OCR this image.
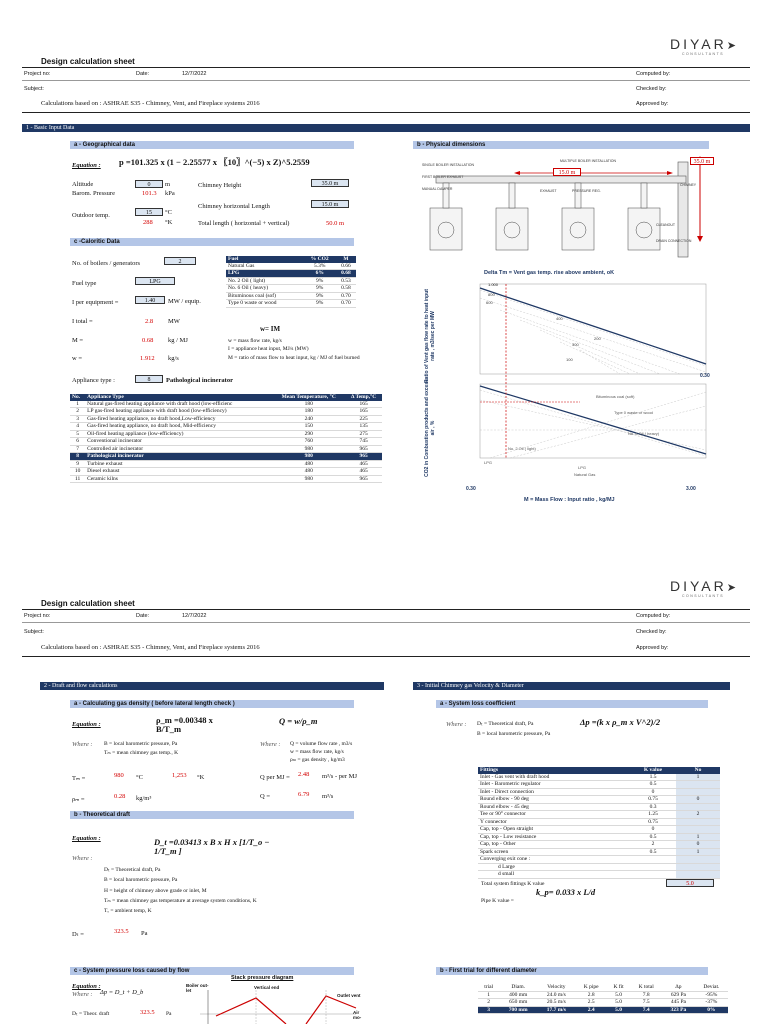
DIYAR➤
CONSULTANTS
Design calculation sheet
Project no:	Date:	12/7/2022	Computed by:
Subject:	Checked by:
Calculations based on : ASHRAE S35 - Chimney, Vent, and Fireplace systems 2016	Approved by:
1 - Basic Input Data
a - Geographical data
Equation : p =101.325 x (1 − 2.25577 x 〖10〗^(−5) x Z)^5.2559
Altitude	0	m
Barom. Pressure	101.3 kPa
Outdoor temp.	15	°C
288 °K
Chimney Height	35.0 m
Chimney horizontal Length	15.0 m
Total length ( horizontal + vertical)	50.0 m
c -Caloritic Data
No. of boilers / generators	2
Fuel type	LPG
I per equipment =	1.40	MW / equip.
I total =	2.8 MW
M =	0.68 kg / MJ
w =	1.912 kg/s
Fuel	% CO2	M
Natural Gas	5.3%	0.66
LPG	6%	0.68
No. 2 Oil ( light)	9%	0.53
No. 6 Oil ( heavy)	9%	0.58
Bituminous coal (sof)	9%	0.70
Type 0 waste or wood	9%	0.70
w= IM
w = mass flow rate, kg/s
I = appliance heat input, MJ/s (MW)
M = ratio of mass flow to heat input, kg / MJ of fuel burned
Appliance type :	8	Pathological incinerator
No.	Appliance Type	Mean Temperature, °C	Δ Temp,°C
1	Natural gas-fired heating appliance with draft hood (low-efficienc	180	165
2	LP gas-fired heating appliance with draft hood (low-efficiency)	180	165
3	Gas-fired heating appliance, no draft hood,Low-efficiency	240	225
4	Gas-fired heating appliance, no draft hood, Mid-efficiency	150	135
5	Oil-fired heating appliance (low-efficiency)	290	275
6	Conventional incinerator	760	745
7	Controlled air incinerator	980	965
8	Pathological incinerator	980	965
9	Turbine exhaust	480	465
10	Diesel exhaust	480	465
11	Ceramic kilns	980	965
b - Physical dimensions
SINGLE BOILER INSTALLATION
MULTIPLE BOILER INSTALLATION
FIRST BOILER EXHAUST
MANUAL DAMPER	PRESSURE REG.
EXHAUST
CHIMNEY
CLEANOUT
DRAIN CONNECTION
35.0 m
15.0 m
Delta Tm = Vent gas temp. rise above ambient, oK
Ratio of Vent gas flow rate to heat input rate , m3/sec per MW
CO2 in Combustion products and excess air , %
1.000
800
600
400
200
300
100
0.30
Bituminous coal (soft)
Type 0 waste or wood
No. 6 Oil ( heavy)
No. 2 Oil ( light)
LPG
Natural Gas
LPG
0.30	3.00
M = Mass Flow : Input ratio , kg/MJ
DIYAR➤
CONSULTANTS
Design calculation sheet
Project no:	Date:	12/7/2022	Computed by:
Subject:	Checked by:
Calculations based on : ASHRAE S35 - Chimney, Vent, and Fireplace systems 2016	Approved by:
2 - Draft and flow calculations	3 - Initial Chimney gas Velocity & Diameter
a - Calculating gas density ( before lateral length check )
Equation :	ρ_m =0.00348 x B/T_m
Q = w/ρ_m
Where : B = local barometric pressure, Pa
Tₘ = mean chimney gas temp., K
Where : Q = volume flow rate , m3/s
w = mass flow rate, kg/s
ρₘ = gas density , kg/m3
Tₘ =	980 °C	1,253 °K	Q per MJ = 2.48 m³/s - per MJ
ρₘ =	0.28 kg/m³	Q =	6.79 m³/s
b - Theoretical draft
Equation :	D_t =0.03413 x B x H x [1/T_o − 1/T_m ]
Where :
Dₜ = Theoretical draft, Pa
B = local barometric pressure, Pa
H = height of chimney above grade or inlet, M
Tₘ = mean chimney gas temperature at average system conditions, K
Tₒ = ambient temp, K
Dₜ =	323.5 Pa
c - System pressure loss caused by flow
Equation :
Where : Δp = D_t + D_b
Dₜ = Theor. draft	323.5 Pa
Stack pressure diagram
Boiler out-let
Vertical end
Outlet vent
Air mo-
a - System loss coefficient
Where : Dₜ = Theoretical draft, Pa
B = local barometric pressure, Pa
Δp =(k x ρ_m x V^2)/2
Fittings	K value	No
Inlet - Gas vent with draft hood	1.5	1
Inlet - Barometric regulator	0.5	
Inlet - Direct connection	0	
Round elbow - 90 deg	0.75	0
Round elbow - 45 deg	0.3	
Tee or 90° connector	1.25	2
Y connector	0.75	
Cap, top - Open straight	0	
Cap, top - Low resistance	0.5	1
Cap, top - Other	2	0
Spark screen	0.5	1
Converging exit cone :		
d Large		
d small		
Total system fittings K value	5.0
k_p= 0.033 x L/d
Pipe K value =
b - First trial for different diameter
trial	Diam.	Velocity	K pipe	K fit	K total	Δp	Deviat.
1	400 mm	24.0 m/s	2.8	5.0	7.8	629 Pa	-95%
2	650 mm	20.5 m/s	2.5	5.0	7.5	445 Pa	-37%
3	700 mm	17.7 m/s	2.4	5.0	7.4	323 Pa	0%
